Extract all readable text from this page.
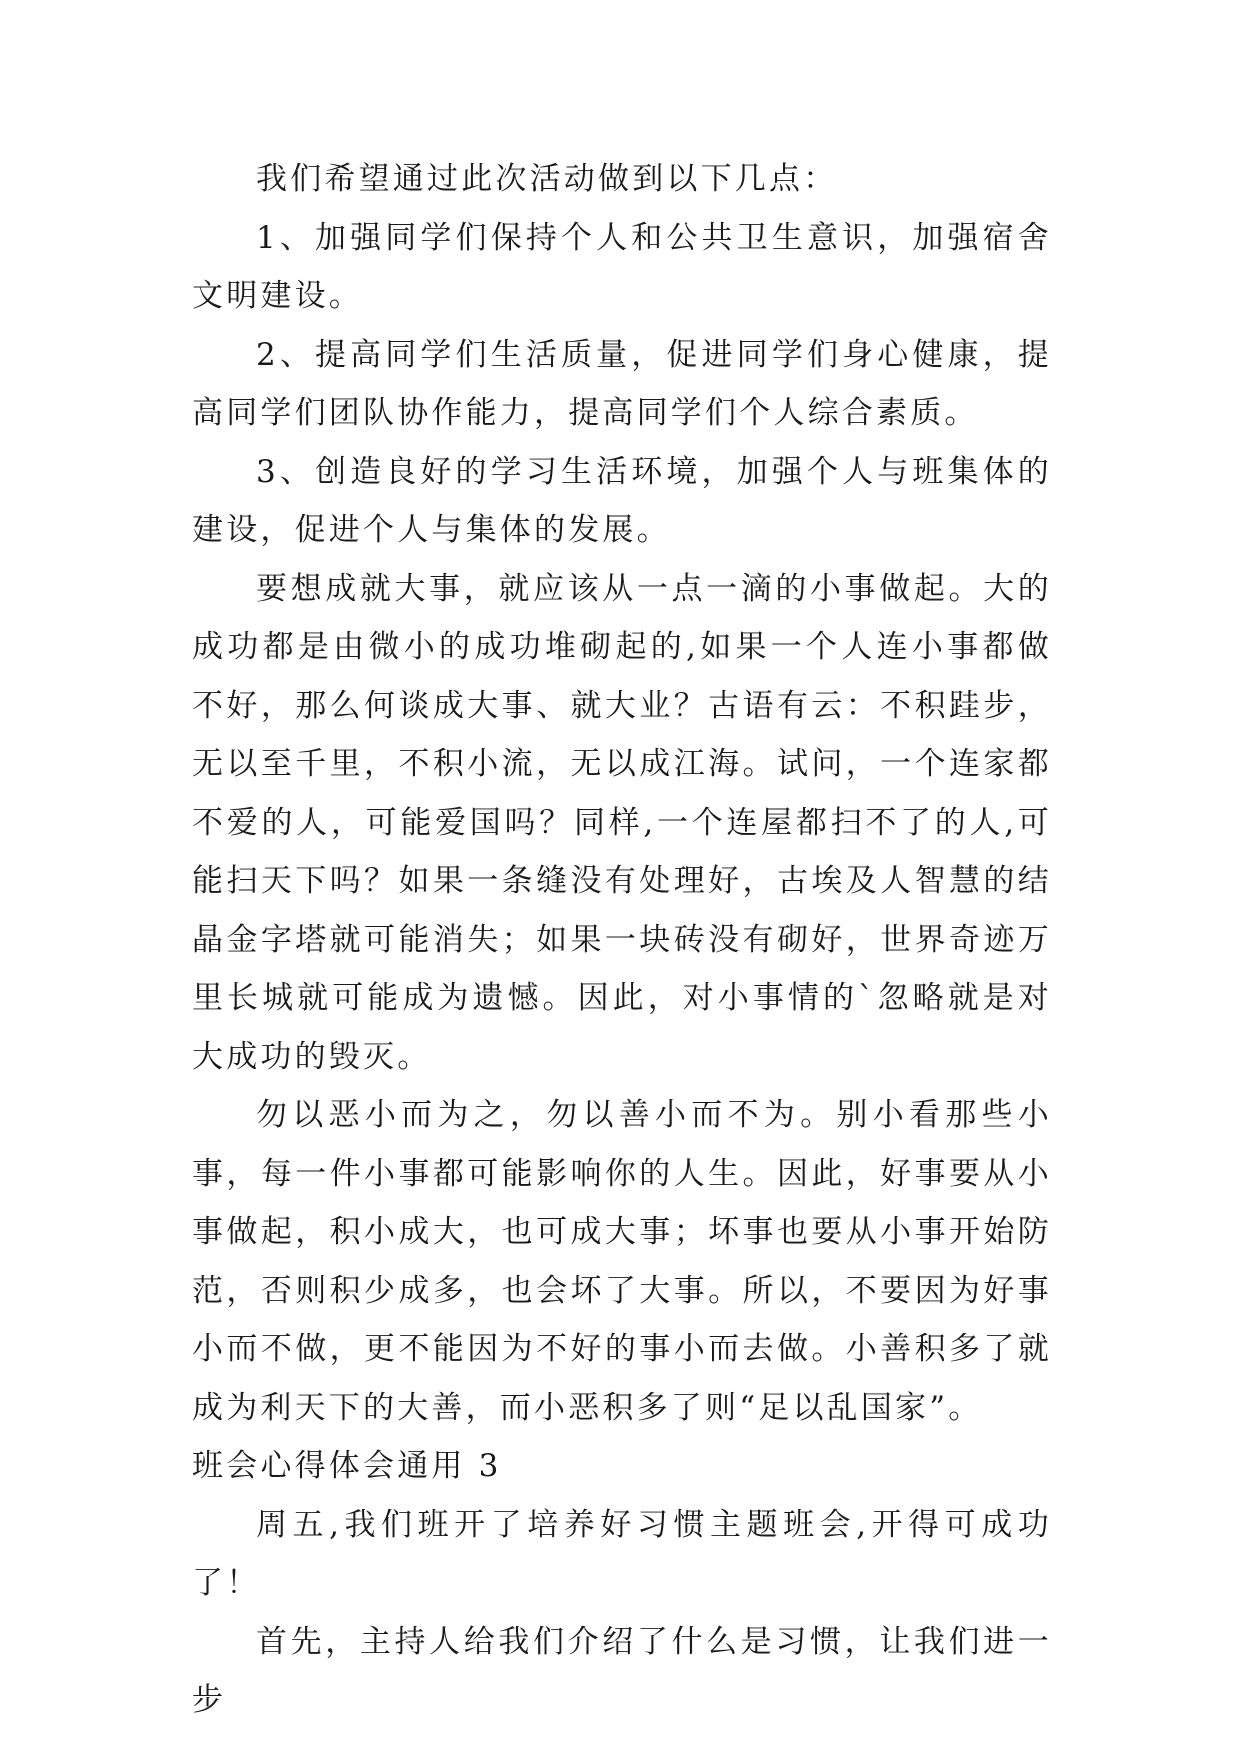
我们希望通过此次活动做到以下几点：

1、加强同学们保持个人和公共卫生意识，加强宿舍文明建设。

2、提高同学们生活质量，促进同学们身心健康，提高同学们团队协作能力，提高同学们个人综合素质。

3、创造良好的学习生活环境，加强个人与班集体的建设，促进个人与集体的发展。

要想成就大事，就应该从一点一滴的小事做起。大的成功都是由微小的成功堆砌起的,如果一个人连小事都做不好，那么何谈成大事、就大业？古语有云：不积跬步，无以至千里，不积小流，无以成江海。试问，一个连家都不爱的人，可能爱国吗？同样,一个连屋都扫不了的人,可能扫天下吗？如果一条缝没有处理好，古埃及人智慧的结晶金字塔就可能消失；如果一块砖没有砌好，世界奇迹万里长城就可能成为遗憾。因此，对小事情的`忽略就是对大成功的毁灭。

勿以恶小而为之，勿以善小而不为。别小看那些小事，每一件小事都可能影响你的人生。因此，好事要从小事做起，积小成大，也可成大事；坏事也要从小事开始防范，否则积少成多，也会坏了大事。所以，不要因为好事小而不做，更不能因为不好的事小而去做。小善积多了就成为利天下的大善，而小恶积多了则“足以乱国家”。

班会心得体会通用 3

周五,我们班开了培养好习惯主题班会,开得可成功了！

首先，主持人给我们介绍了什么是习惯，让我们进一步
